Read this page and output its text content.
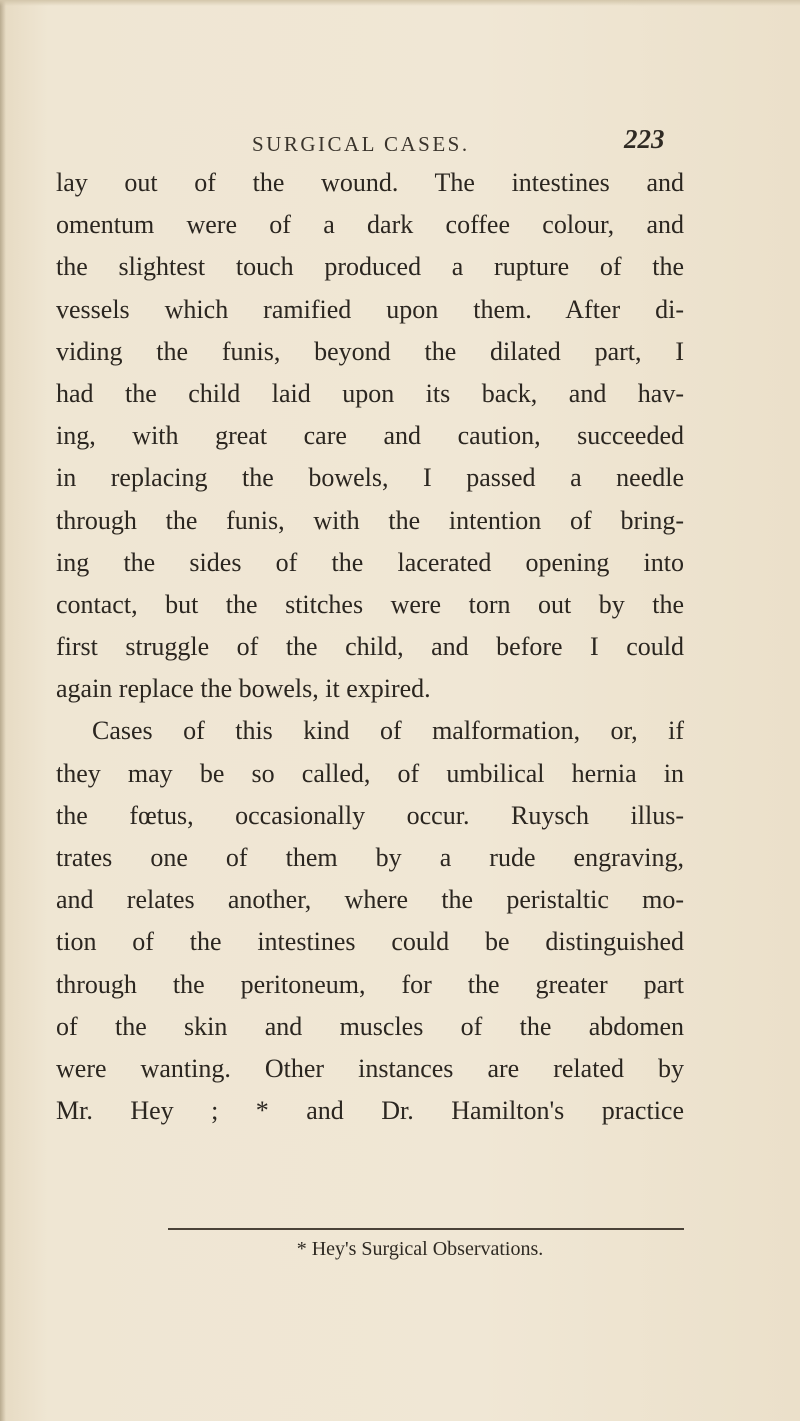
SURGICAL CASES.	223
lay out of the wound. The intestines and
omentum were of a dark coffee colour, and
the slightest touch produced a rupture of the
vessels which ramified upon them. After di-
viding the funis, beyond the dilated part, I
had the child laid upon its back, and hav-
ing, with great care and caution, succeeded
in replacing the bowels, I passed a needle
through the funis, with the intention of bring-
ing the sides of the lacerated opening into
contact, but the stitches were torn out by the
first struggle of the child, and before I could
again replace the bowels, it expired.
Cases of this kind of malformation, or, if
they may be so called, of umbilical hernia in
the fœtus, occasionally occur. Ruysch illus-
trates one of them by a rude engraving,
and relates another, where the peristaltic mo-
tion of the intestines could be distinguished
through the peritoneum, for the greater part
of the skin and muscles of the abdomen
were wanting. Other instances are related by
Mr. Hey ; * and Dr. Hamilton's practice
* Hey's Surgical Observations.
